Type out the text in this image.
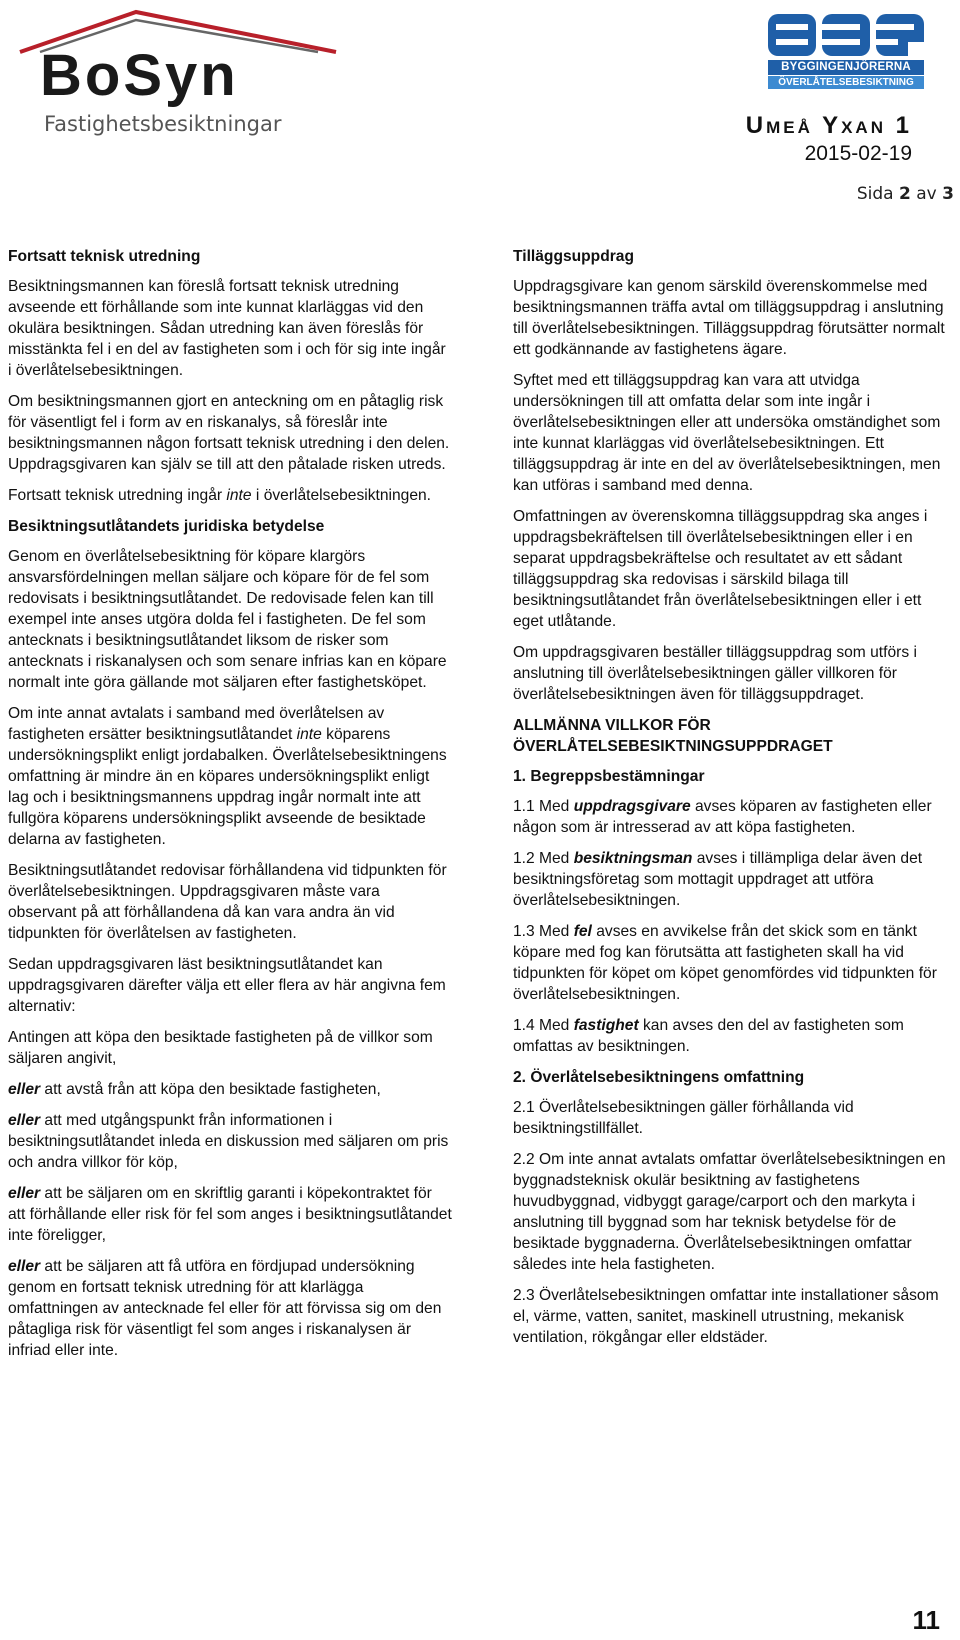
BoSyn
Fastighetsbesiktningar
BYGGINGENJÖRERNA
ÖVERLÅTELSEBESIKTNING
Umeå Yxan 1
2015-02-19
Sida 2 av 3
Fortsatt teknisk utredning

Besiktningsmannen kan föreslå fortsatt teknisk utredning avseende ett förhållande som inte kunnat klarläggas vid den okulära besiktningen. Sådan utredning kan även föreslås för misstänkta fel i en del av fastigheten som i och för sig inte ingår i överlåtelsebesiktningen.

Om besiktningsmannen gjort en anteckning om en påtaglig risk för väsentligt fel i form av en riskanalys, så föreslår inte besiktningsmannen någon fortsatt teknisk utredning i den delen. Uppdragsgivaren kan själv se till att den påtalade risken utreds.

Fortsatt teknisk utredning ingår inte i överlåtelsebesiktningen.

Besiktningsutlåtandets juridiska betydelse

Genom en överlåtelsebesiktning för köpare klargörs ansvarsfördelningen mellan säljare och köpare för de fel som redovisats i besiktningsutlåtandet. De redovisade felen kan till exempel inte anses utgöra dolda fel i fastigheten. De fel som antecknats i besiktningsutlåtandet liksom de risker som antecknats i riskanalysen och som senare infrias kan en köpare normalt inte göra gällande mot säljaren efter fastighetsköpet.

Om inte annat avtalats i samband med överlåtelsen av fastigheten ersätter besiktningsutlåtandet inte köparens undersökningsplikt enligt jordabalken. Överlåtelsebesiktningens omfattning är mindre än en köpares undersökningsplikt enligt lag och i besiktningsmannens uppdrag ingår normalt inte att fullgöra köparens undersökningsplikt avseende de besiktade delarna av fastigheten.

Besiktningsutlåtandet redovisar förhållandena vid tidpunkten för överlåtelsebesiktningen. Uppdragsgivaren måste vara observant på att förhållandena då kan vara andra än vid tidpunkten för överlåtelsen av fastigheten.

Sedan uppdragsgivaren läst besiktningsutlåtandet kan uppdragsgivaren därefter välja ett eller flera av här angivna fem alternativ:

Antingen att köpa den besiktade fastigheten på de villkor som säljaren angivit,

eller att avstå från att köpa den besiktade fastigheten,

eller att med utgångspunkt från informationen i besiktningsutlåtandet inleda en diskussion med säljaren om pris och andra villkor för köp,

eller att be säljaren om en skriftlig garanti i köpekontraktet för att förhållande eller risk för fel som anges i besiktningsutlåtandet inte föreligger,

eller att be säljaren att få utföra en fördjupad undersökning genom en fortsatt teknisk utredning för att klarlägga omfattningen av antecknade fel eller för att förvissa sig om den påtagliga risk för väsentligt fel som anges i riskanalysen är infriad eller inte.

Tilläggsuppdrag

Uppdragsgivare kan genom särskild överenskommelse med besiktningsmannen träffa avtal om tilläggsuppdrag i anslutning till överlåtelsebesiktningen. Tilläggsuppdrag förutsätter normalt ett godkännande av fastighetens ägare.

Syftet med ett tilläggsuppdrag kan vara att utvidga undersökningen till att omfatta delar som inte ingår i överlåtelsebesiktningen eller att undersöka omständighet som inte kunnat klarläggas vid överlåtelsebesiktningen. Ett tilläggsuppdrag är inte en del av överlåtelsebesiktningen, men kan utföras i samband med denna.

Omfattningen av överenskomna tilläggsuppdrag ska anges i uppdragsbekräftelsen till överlåtelsebesiktningen eller i en separat uppdragsbekräftelse och resultatet av ett sådant tilläggsuppdrag ska redovisas i särskild bilaga till besiktningsutlåtandet från överlåtelsebesiktningen eller i ett eget utlåtande.

Om uppdragsgivaren beställer tilläggsuppdrag som utförs i anslutning till överlåtelsebesiktningen gäller villkoren för överlåtelsebesiktningen även för tilläggsuppdraget.

ALLMÄNNA VILLKOR FÖR ÖVERLÅTELSEBESIKTNINGSUPPDRAGET
1. Begreppsbestämningar

1.1 Med uppdragsgivare avses köparen av fastigheten eller någon som är intresserad av att köpa fastigheten.

1.2 Med besiktningsman avses i tillämpliga delar även det besiktningsföretag som mottagit uppdraget att utföra överlåtelsebesiktningen.

1.3 Med fel avses en avvikelse från det skick som en tänkt köpare med fog kan förutsätta att fastigheten skall ha vid tidpunkten för köpet om köpet genomfördes vid tidpunkten för överlåtelsebesiktningen.

1.4 Med fastighet kan avses den del av fastigheten som omfattas av besiktningen.

2. Överlåtelsebesiktningens omfattning

2.1 Överlåtelsebesiktningen gäller förhållanda vid besiktningstillfället.

2.2 Om inte annat avtalats omfattar överlåtelsebesiktningen en byggnadsteknisk okulär besiktning av fastighetens huvudbyggnad, vidbyggt garage/carport och den markyta i anslutning till byggnad som har teknisk betydelse för de besiktade byggnaderna. Överlåtelsebesiktningen omfattar således inte hela fastigheten.

2.3 Överlåtelsebesiktningen omfattar inte installationer såsom el, värme, vatten, sanitet, maskinell utrustning, mekanisk ventilation, rökgångar eller eldstäder.

11
